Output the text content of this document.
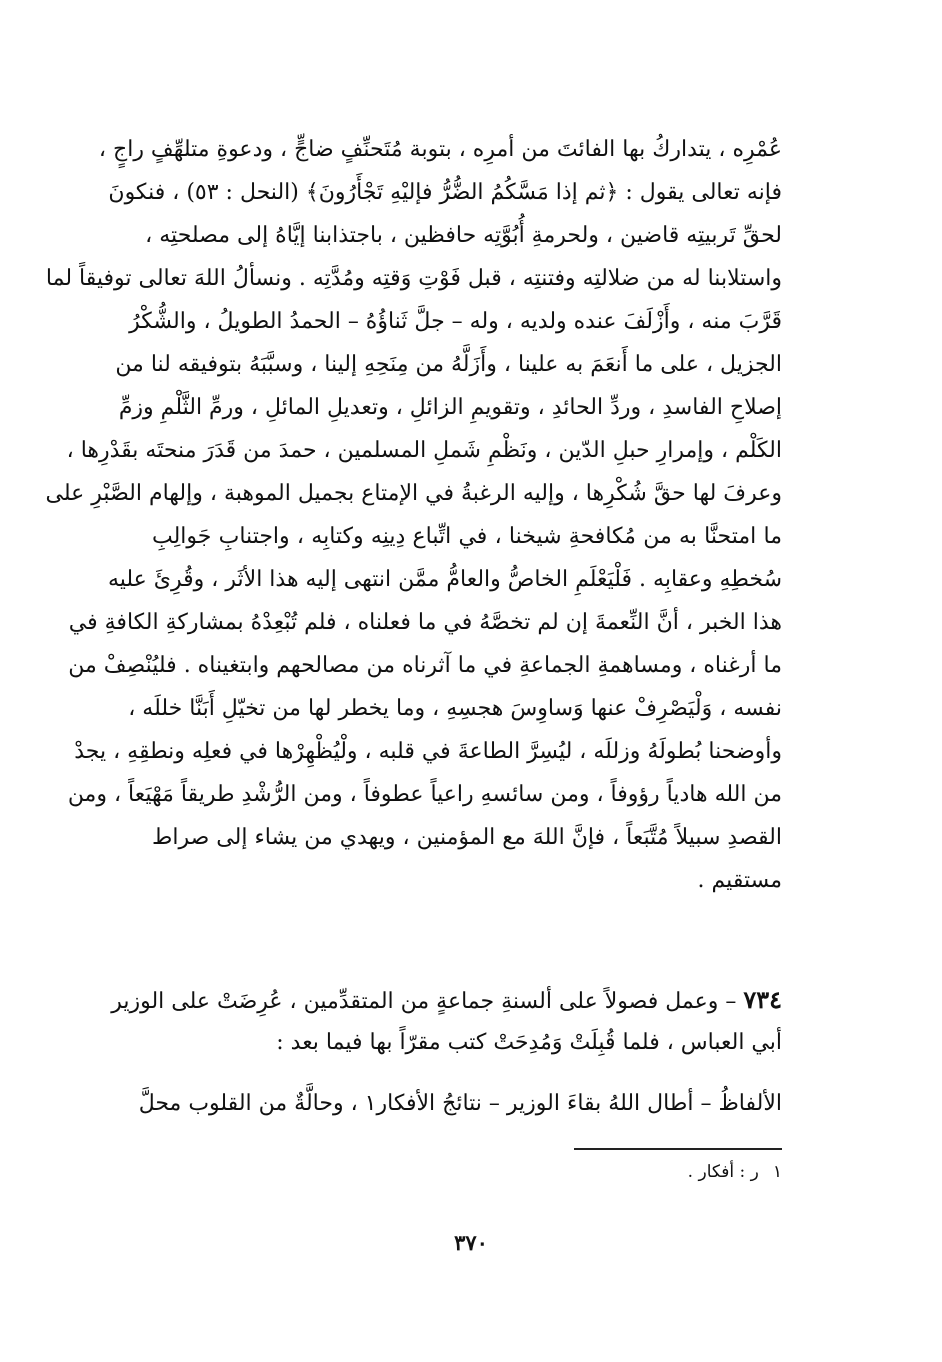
عُمْرِه ، يتداركُ بها الفائتَ من أمرِه ، بتوبة مُتَحنِّفٍ ضاجٍّ ، ودعوةِ متلهِّفٍ راجٍ ،
فإنه تعالى يقول : ﴿ثم إذا مَسَّكُمُ الضُّرُّ فإليْهِ تَجْأَرُونَ﴾ (النحل : ٥٣) ، فنكونَ
لحقِّ تَربيتِه قاضين ، ولحرمةِ أُبُوَّتِه حافظين ، باجتذابنا إيَّاهُ إلى مصلحتِه ،
واستلابنا له من ضلالتِه وفتنتِه ، قبل فَوْتِ وَقتِه ومُدَّتِه . ونسألُ اللهَ تعالى توفيقاً لما
قَرَّبَ منه ، وأَزْلَفَ عنده ولديه ، وله – جلَّ ثَناؤُهُ – الحمدُ الطويلُ ، والشُّكْرُ
الجزيل ، على ما أَنعَمَ به علينا ، وأَزَلَّهُ من مِنَحِهِ إلينا ، وسبَّبَهُ بتوفيقه لنا من
إصلاحِ الفاسدِ ، وردِّ الحائدِ ، وتقويمِ الزائلِ ، وتعديلِ المائلِ ، ورمِّ الثَّلْمِ وزمِّ
الكَلْم ، وإمرارِ حبلِ الدّين ، ونَظْمِ شَملِ المسلمين ، حمدَ من قَدَرَ منحتَه بقَدْرِها ،
وعرفَ لها حقَّ شُكْرِها ، وإليه الرغبةُ في الإمتاع بجميل الموهبة ، وإلهام الصَّبْرِ على
ما امتحنَّا به من مُكافحةِ شيخنا ، في اتِّباع دِينِه وكتابِه ، واجتنابِ جَوالِبِ
سُخطِهِ وعقابِه . فَلْيَعْلَمِ الخاصُّ والعامُّ ممَّن انتهى إليه هذا الأثَر ، وقُرِئَ عليه
هذا الخبر ، أنَّ النِّعمةَ إن لم تخصَّهُ في ما فعلناه ، فلم تُبْعِدْهُ بمشاركةِ الكافةِ في
ما أرغناه ، ومساهمةِ الجماعةِ في ما آثرناه من مصالحهم وابتغيناه . فليُنْصِفْ من
نفسه ، وَلْيَصْرِفْ عنها وَساوِسَ هجسِهِ ، وما يخطر لها من تخيّلِ أَبَنَّا خللَه ،
وأوضحنا بُطولَهُ وزللَه ، ليُسِرَّ الطاعةَ في قلبه ، ولْيُظْهِرْها في فعلِه ونطقِهِ ، يجدْ
من الله هادياً رؤوفاً ، ومن سائسهِ راعياً عطوفاً ، ومن الرُّشْدِ طريقاً مَهْيَعاً ، ومن
القصدِ سبيلاً مُتَّبَعاً ، فإنَّ اللهَ مع المؤمنين ، ويهدي من يشاء إلى صراط
مستقيم .
٧٣٤ – وعمل فصولاً على ألسنةِ جماعةٍ من المتقدِّمين ، عُرِضَتْ على الوزير
أبي العباس ، فلما قُبِلَتْ وَمُدِحَتْ كتب مقرّاً بها فيما بعد :
الألفاظُ – أطال اللهُ بقاءَ الوزير – نتائجُ الأفكار١ ، وحالَّةٌ من القلوب محلَّ
١ر : أفكار .
٣٧٠
